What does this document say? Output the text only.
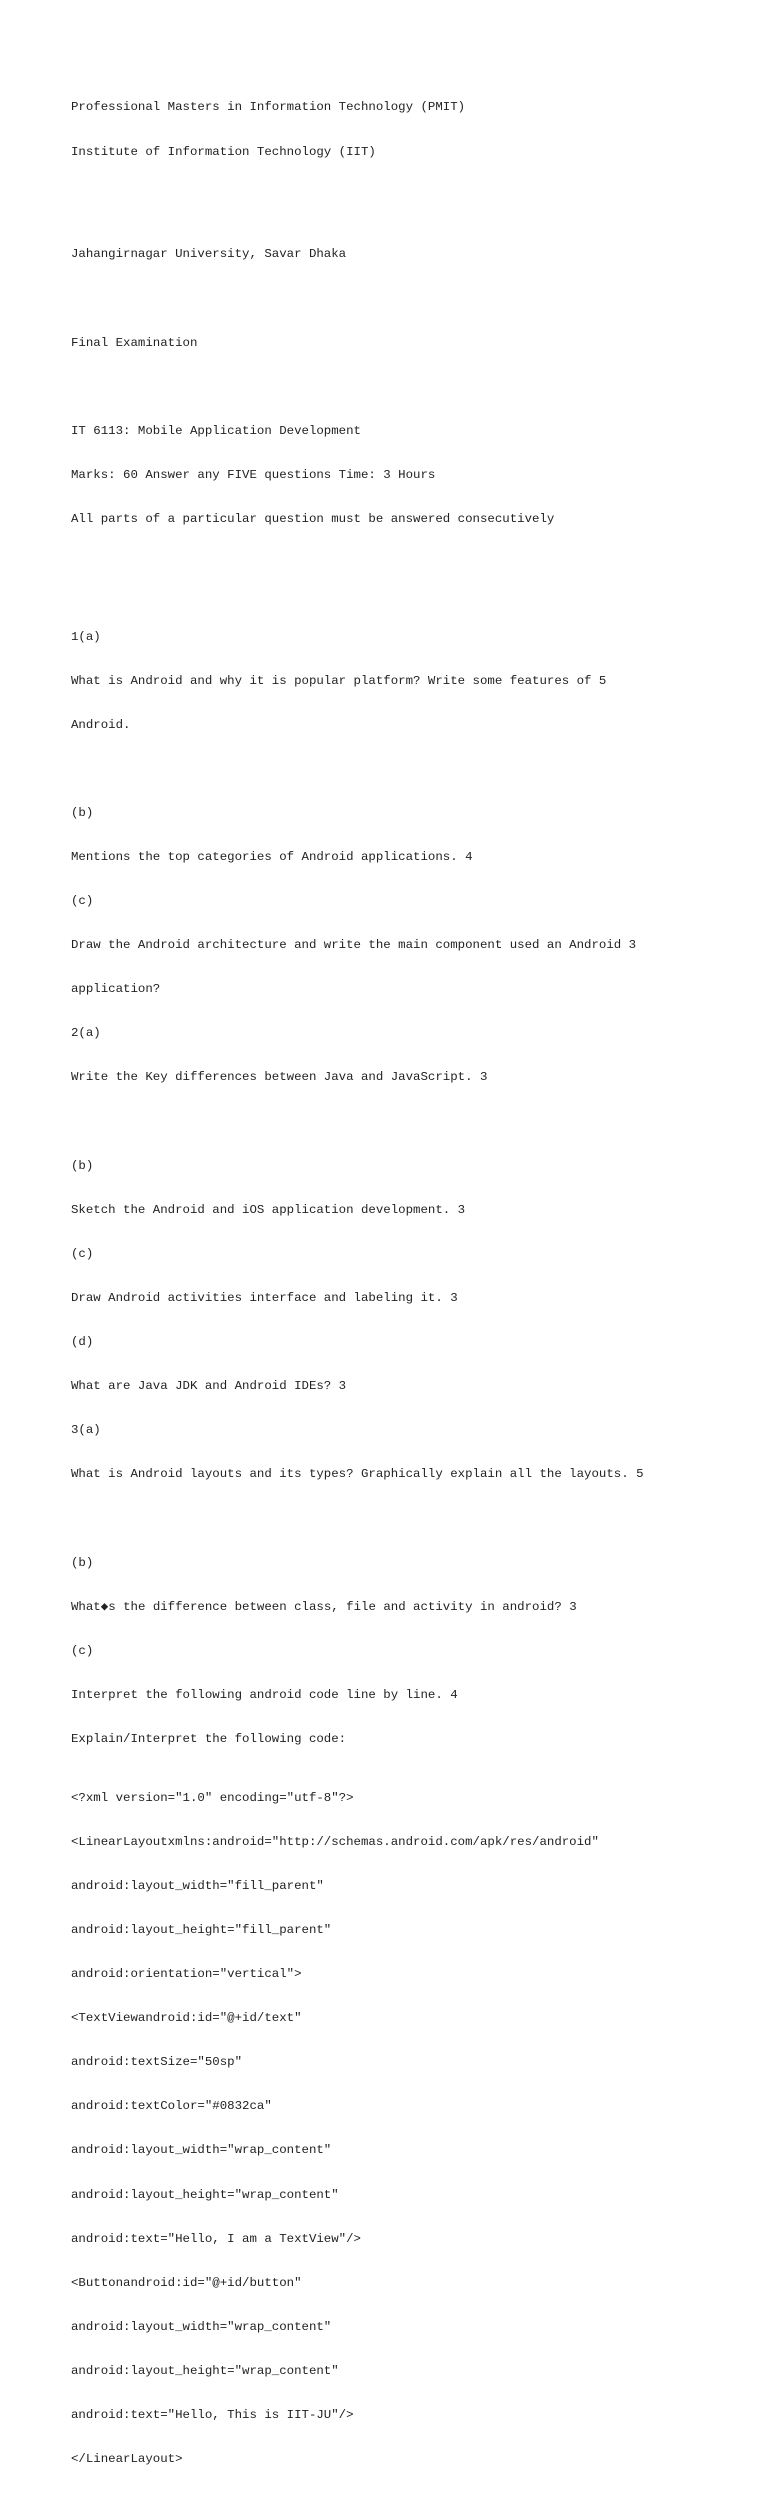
Professional Masters in Information Technology (PMIT)

Institute of Information Technology (IIT)

Jahangirnagar University, Savar Dhaka

Final Examination

IT 6113: Mobile Application Development

Marks: 60 Answer any FIVE questions Time: 3 Hours

All parts of a particular question must be answered consecutively

1(a)

What is Android and why it is popular platform? Write some features of 5

Android.

(b)

Mentions the top categories of Android applications. 4

(c)

Draw the Android architecture and write the main component used an Android 3

application?

2(a)

Write the Key differences between Java and JavaScript. 3

(b)

Sketch the Android and iOS application development. 3

(c)

Draw Android activities interface and labeling it. 3

(d)

What are Java JDK and Android IDEs? 3

3(a)

What is Android layouts and its types? Graphically explain all the layouts. 5

(b)

What◆s the difference between class, file and activity in android? 3

(c)

Interpret the following android code line by line. 4

Explain/Interpret the following code:

<?xml version="1.0" encoding="utf-8"?>

<LinearLayoutxmlns:android="http://schemas.android.com/apk/res/android"

android:layout_width="fill_parent"

android:layout_height="fill_parent"

android:orientation="vertical">

<TextViewandroid:id="@+id/text"

android:textSize="50sp"

android:textColor="#0832ca"

android:layout_width="wrap_content"

android:layout_height="wrap_content"

android:text="Hello, I am a TextView"/>

<Buttonandroid:id="@+id/button"

android:layout_width="wrap_content"

android:layout_height="wrap_content"

android:text="Hello, This is IIT-JU"/>

</LinearLayout>
